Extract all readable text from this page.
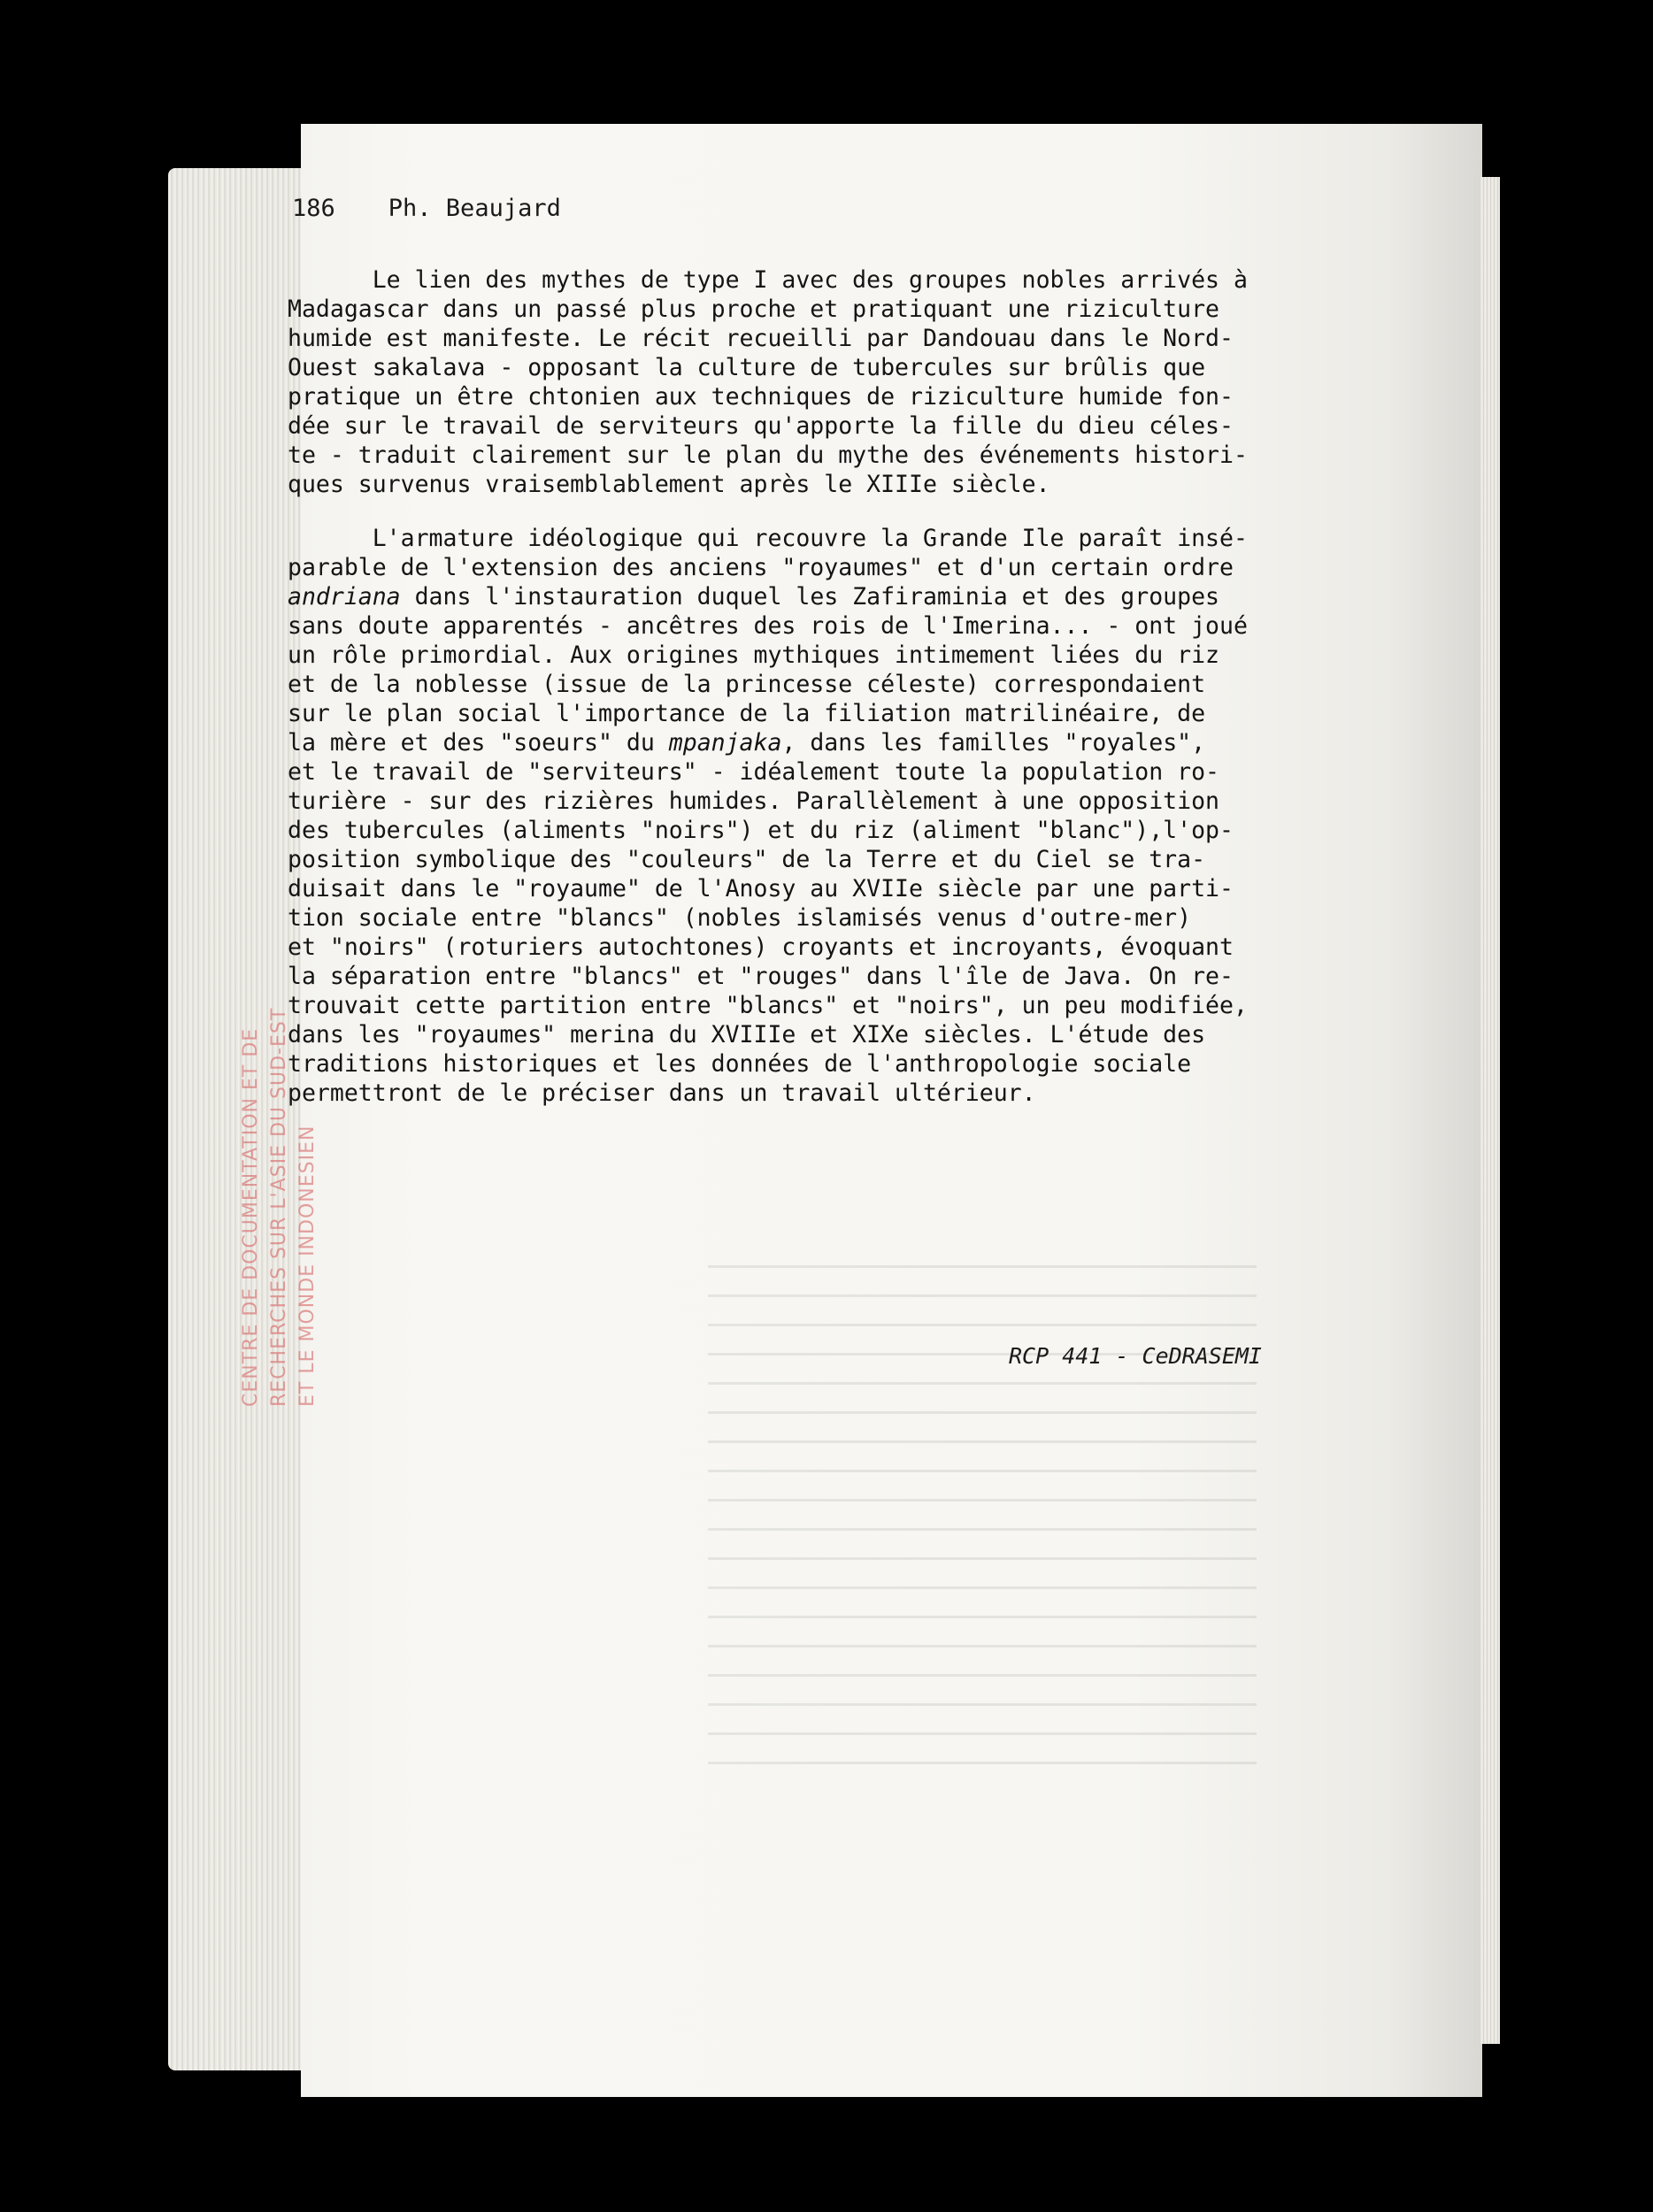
CENTRE DE DOCUMENTATION ET DE RECHERCHES SUR L'ASIE DU SUD-EST ET LE MONDE INDONESIEN
186 Ph. Beaujard

Le lien des mythes de type I avec des groupes nobles arrivés à
Madagascar dans un passé plus proche et pratiquant une riziculture
humide est manifeste. Le récit recueilli par Dandouau dans le Nord-
Ouest sakalava - opposant la culture de tubercules sur brûlis que
pratique un être chtonien aux techniques de riziculture humide fon-
dée sur le travail de serviteurs qu'apporte la fille du dieu céles-
te - traduit clairement sur le plan du mythe des événements histori-
ques survenus vraisemblablement après le XIIIe siècle.

L'armature idéologique qui recouvre la Grande Ile paraît insé-
parable de l'extension des anciens "royaumes" et d'un certain ordre
andriana dans l'instauration duquel les Zafiraminia et des groupes
sans doute apparentés - ancêtres des rois de l'Imerina... - ont joué
un rôle primordial. Aux origines mythiques intimement liées du riz
et de la noblesse (issue de la princesse céleste) correspondaient
sur le plan social l'importance de la filiation matrilinéaire, de
la mère et des "soeurs" du mpanjaka, dans les familles "royales",
et le travail de "serviteurs" - idéalement toute la population ro-
turière - sur des rizières humides. Parallèlement à une opposition
des tubercules (aliments "noirs") et du riz (aliment "blanc"),l'op-
position symbolique des "couleurs" de la Terre et du Ciel se tra-
duisait dans le "royaume" de l'Anosy au XVIIe siècle par une parti-
tion sociale entre "blancs" (nobles islamisés venus d'outre-mer)
et "noirs" (roturiers autochtones) croyants et incroyants, évoquant
la séparation entre "blancs" et "rouges" dans l'île de Java. On re-
trouvait cette partition entre "blancs" et "noirs", un peu modifiée,
dans les "royaumes" merina du XVIIIe et XIXe siècles. L'étude des
traditions historiques et les données de l'anthropologie sociale
permettront de le préciser dans un travail ultérieur.

RCP 441 - CeDRASEMI
